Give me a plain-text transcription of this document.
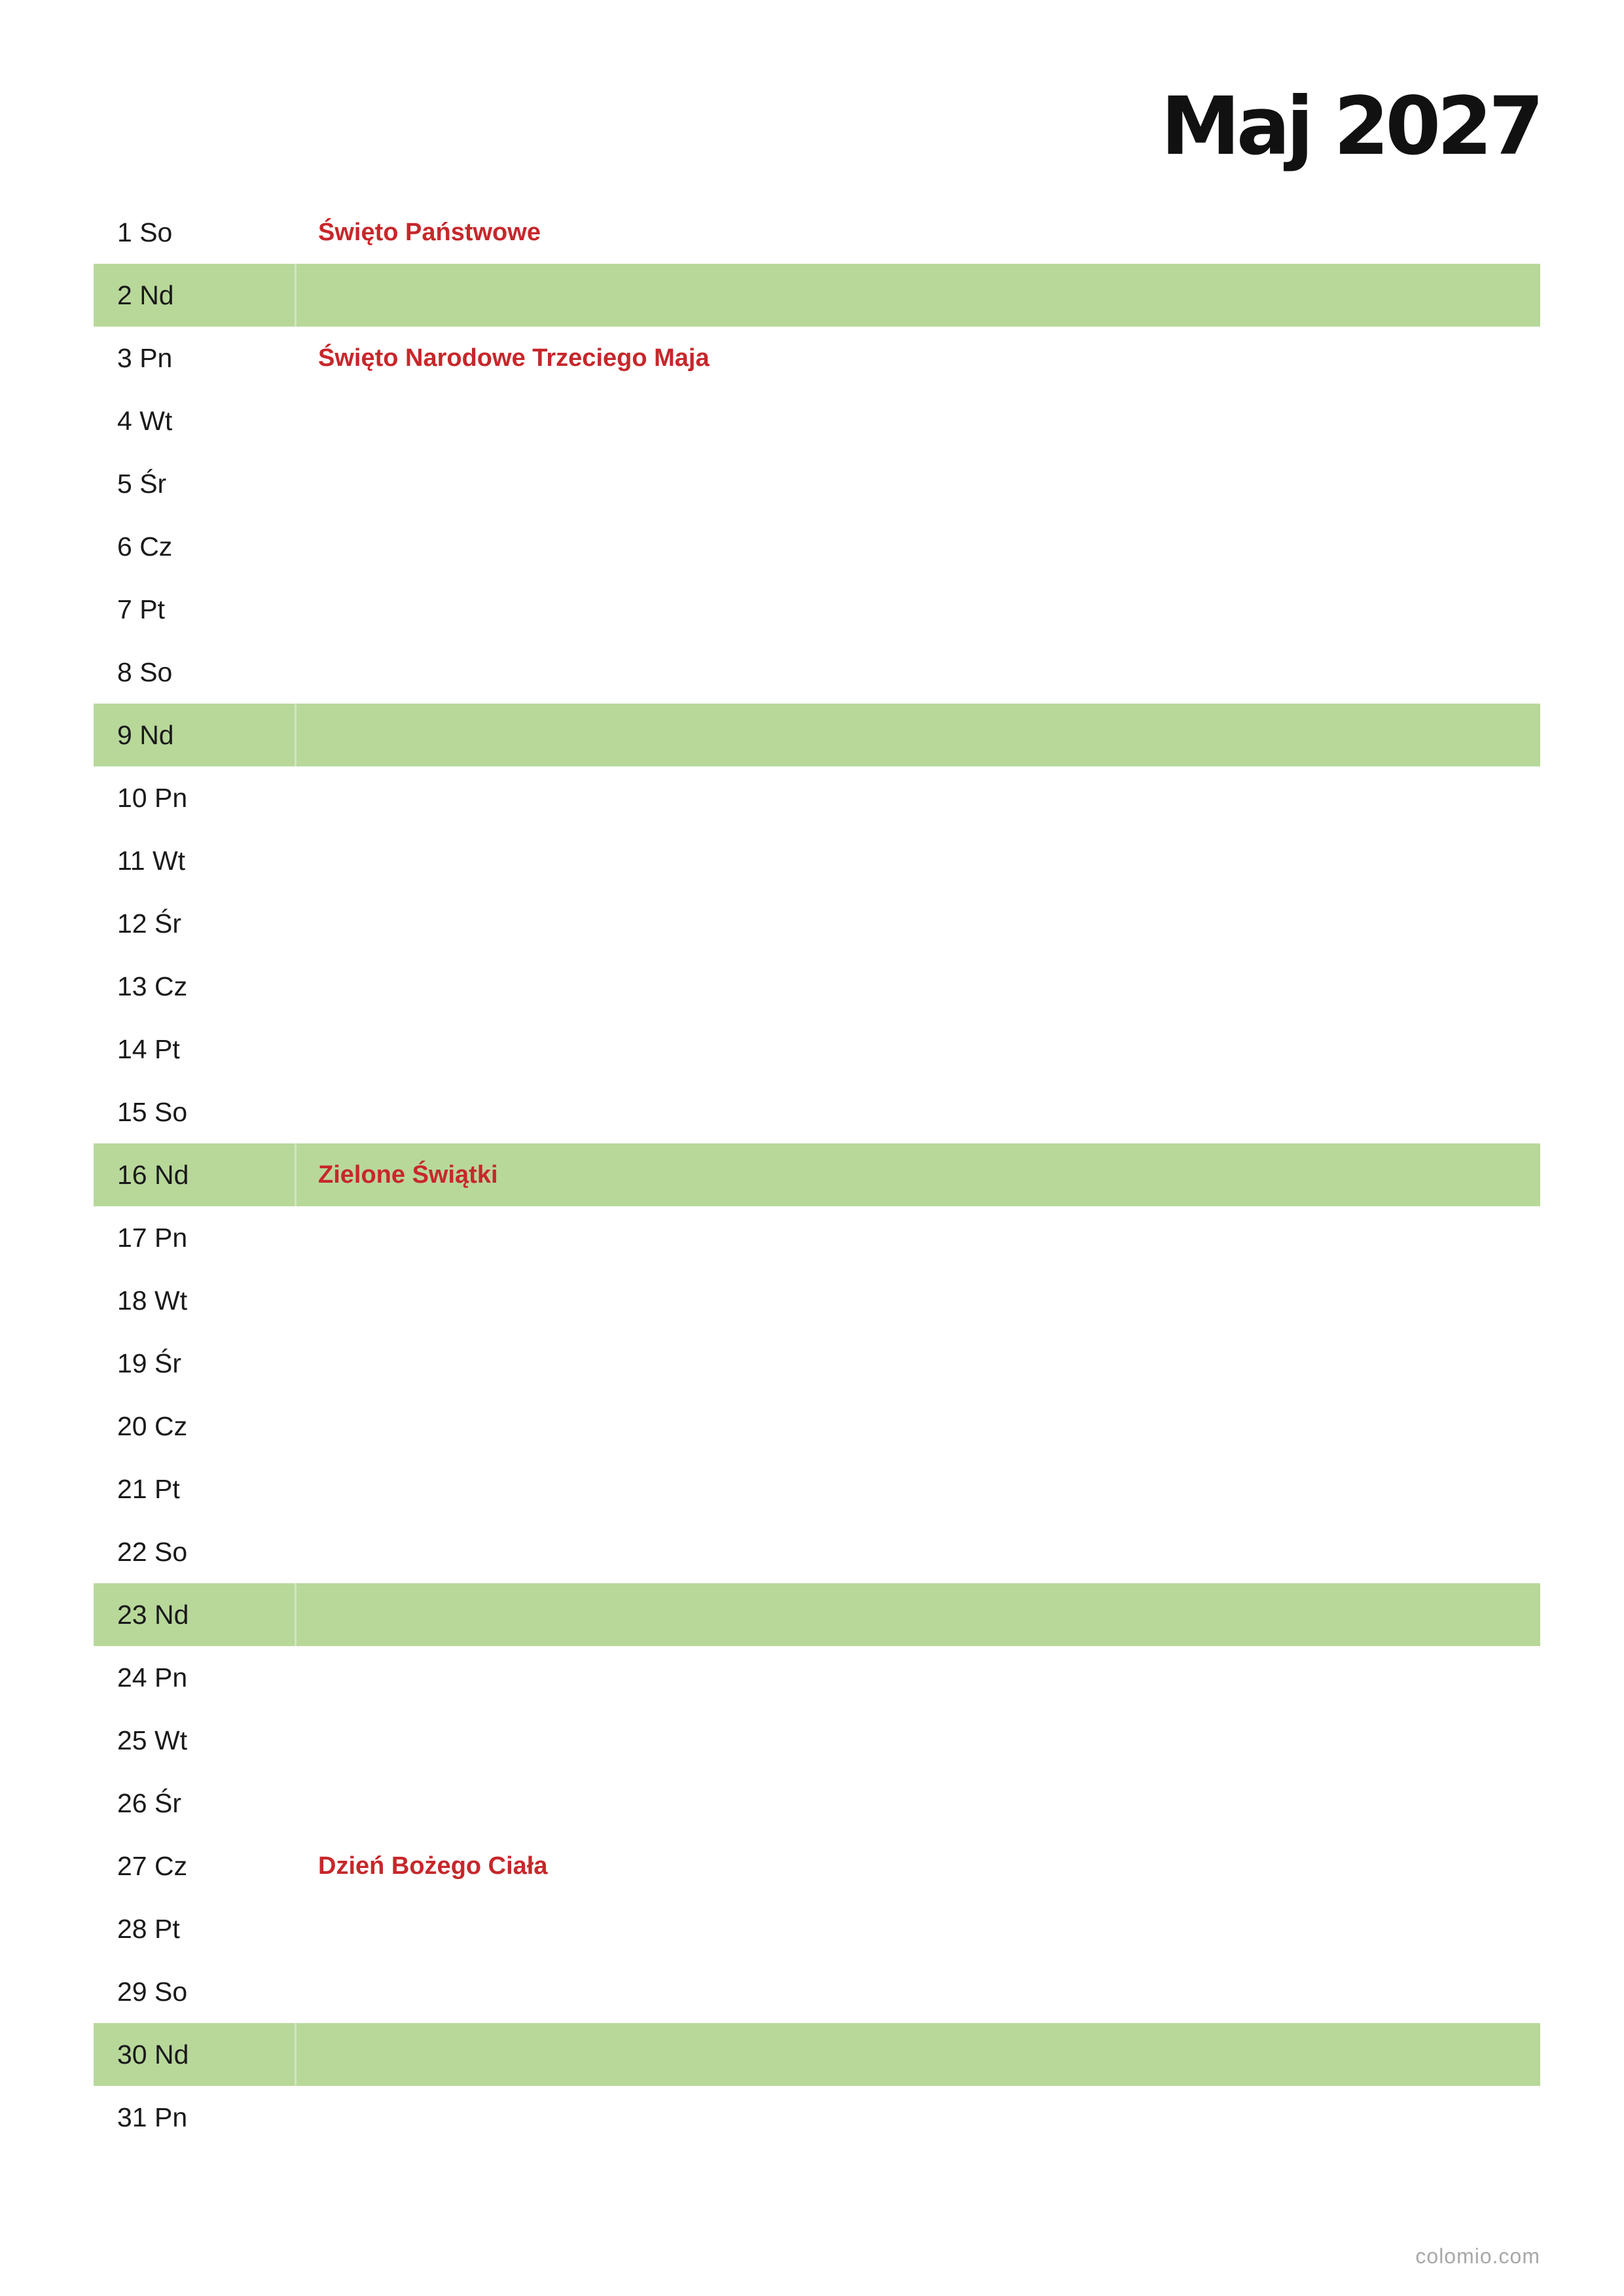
Maj 2027
1 So	Święto Państwowe
2 Nd
3 Pn	Święto Narodowe Trzeciego Maja
4 Wt
5 Śr
6 Cz
7 Pt
8 So
9 Nd
10 Pn
11 Wt
12 Śr
13 Cz
14 Pt
15 So
16 Nd	Zielone Świątki
17 Pn
18 Wt
19 Śr
20 Cz
21 Pt
22 So
23 Nd
24 Pn
25 Wt
26 Śr
27 Cz	Dzień Bożego Ciała
28 Pt
29 So
30 Nd
31 Pn
colomio.com
